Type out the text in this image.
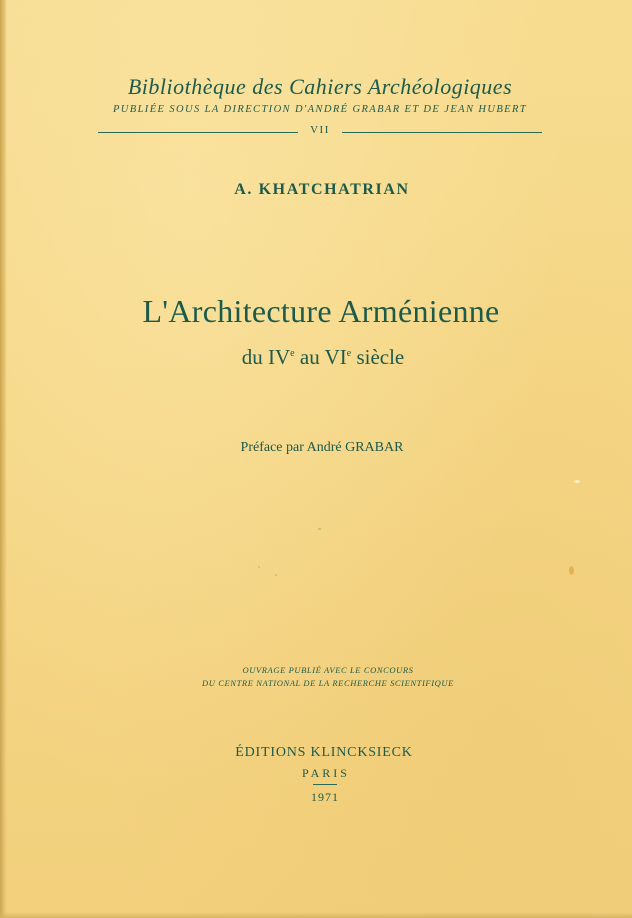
Bibliothèque des Cahiers Archéologiques
PUBLIÉE SOUS LA DIRECTION D'ANDRÉ GRABAR ET DE JEAN HUBERT
VII
A. KHATCHATRIAN
L'Architecture Arménienne
du IVe au VIe siècle
Préface par André GRABAR
OUVRAGE PUBLIÉ AVEC LE CONCOURS
DU CENTRE NATIONAL DE LA RECHERCHE SCIENTIFIQUE
ÉDITIONS KLINCKSIECK
PARIS
1971
